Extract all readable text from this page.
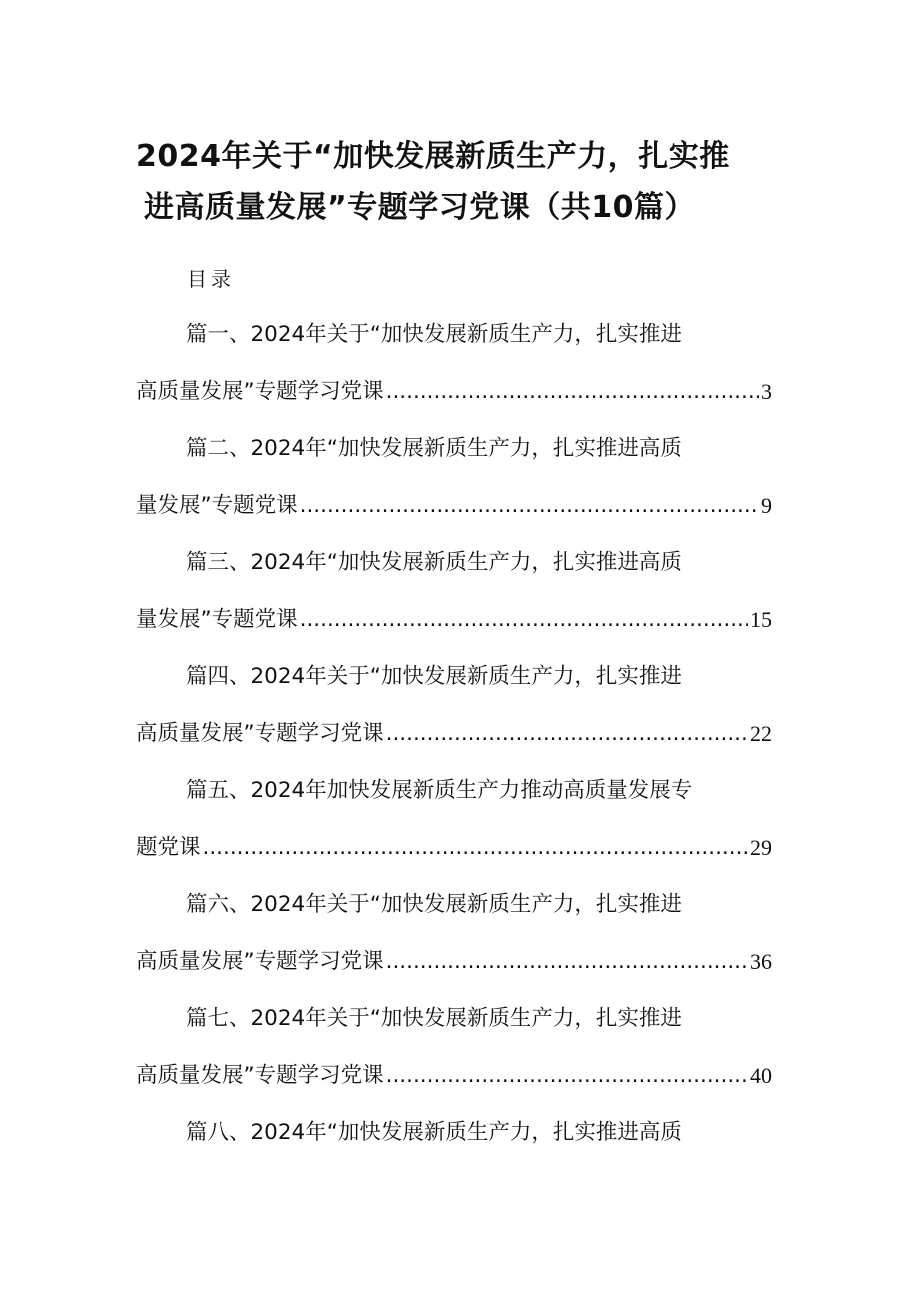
2024年关于“加快发展新质生产力，扎实推
进高质量发展”专题学习党课（共10篇）
目录
篇一、2024年关于“加快发展新质生产力，扎实推进
高质量发展”专题学习党课 .....	3
篇二、2024年“加快发展新质生产力，扎实推进高质
量发展”专题党课 .....	9
篇三、2024年“加快发展新质生产力，扎实推进高质
量发展”专题党课 .....	15
篇四、2024年关于“加快发展新质生产力，扎实推进
高质量发展”专题学习党课 .....	22
篇五、2024年加快发展新质生产力推动高质量发展专
题党课 .....	29
篇六、2024年关于“加快发展新质生产力，扎实推进
高质量发展”专题学习党课 .....	36
篇七、2024年关于“加快发展新质生产力，扎实推进
高质量发展”专题学习党课 .....	40
篇八、2024年“加快发展新质生产力，扎实推进高质
